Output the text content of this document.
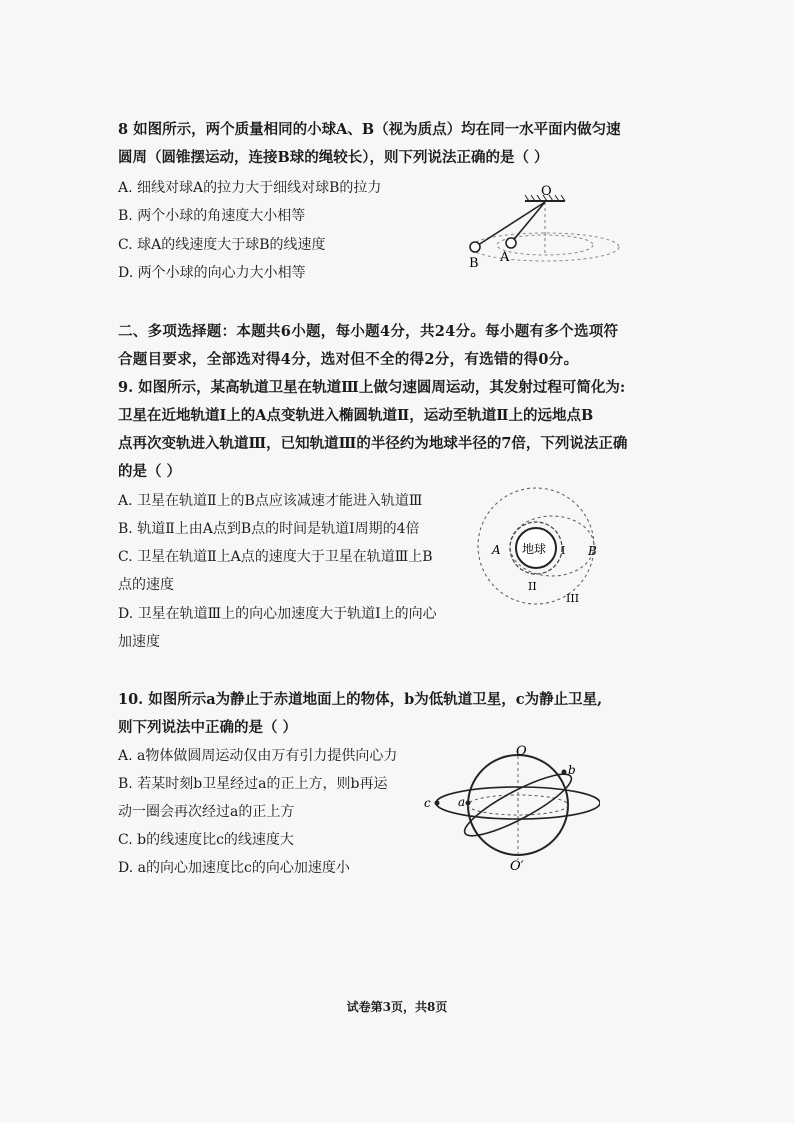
8 如图所示，两个质量相同的小球A、B（视为质点）均在同一水平面内做匀速
圆周（圆锥摆运动，连接B球的绳较长），则下列说法正确的是（ ）
A. 细线对球A的拉力大于细线对球B的拉力
B. 两个小球的角速度大小相等
C. 球A的线速度大于球B的线速度
D. 两个小球的向心力大小相等
O
B A
二、多项选择题：本题共6小题，每小题4分，共24分。每小题有多个选项符
合题目要求，全部选对得4分，选对但不全的得2分，有选错的得0分。
9. 如图所示，某高轨道卫星在轨道Ⅲ上做匀速圆周运动，其发射过程可简化为:
卫星在近地轨道Ⅰ上的A点变轨进入椭圆轨道Ⅱ，运动至轨道Ⅱ上的远地点B
点再次变轨进入轨道Ⅲ，已知轨道Ⅲ的半径约为地球半径的7倍，下列说法正确
的是（ ）
A. 卫星在轨道Ⅱ上的B点应该减速才能进入轨道Ⅲ
B. 轨道Ⅱ上由A点到B点的时间是轨道Ⅰ周期的4倍
C. 卫星在轨道Ⅱ上A点的速度大于卫星在轨道Ⅲ上B
点的速度
D. 卫星在轨道Ⅲ上的向心加速度大于轨道Ⅰ上的向心
加速度
地球
A	B
I
II
III
10. 如图所示a为静止于赤道地面上的物体，b为低轨道卫星，c为静止卫星,
则下列说法中正确的是（ ）
A. a物体做圆周运动仅由万有引力提供向心力
B. 若某时刻b卫星经过a的正上方，则b再运
动一圈会再次经过a的正上方
C. b的线速度比c的线速度大
D. a的向心加速度比c的向心加速度小
O
O′
a
b
c
试卷第3页，共8页
